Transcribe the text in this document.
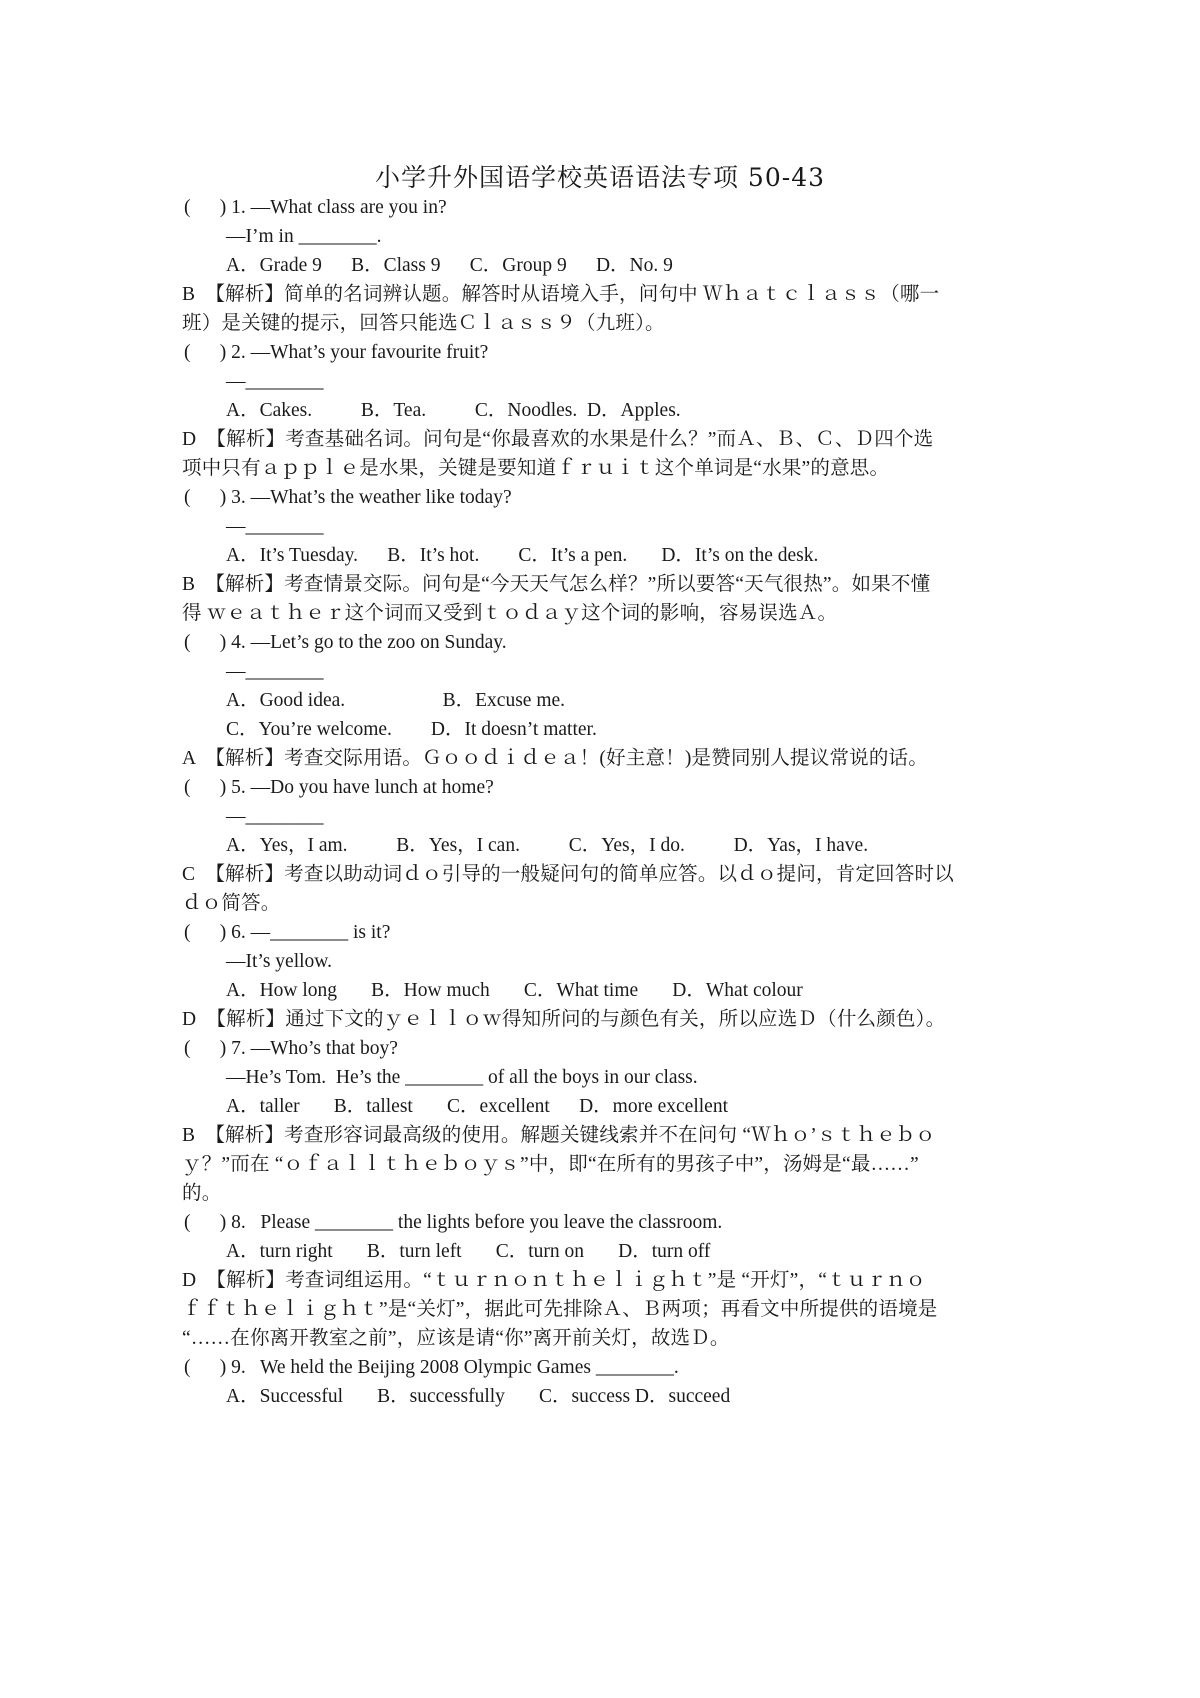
小学升外国语学校英语语法专项 50-43
(      ) 1. —What class are you in?
—I’m in ________.
A．Grade 9      B．Class 9      C．Group 9      D．No. 9
B  【解析】简单的名词辨认题。解答时从语境入手，问句中 Ｗｈａｔｃｌａｓｓ（哪一
班）是关键的提示，回答只能选Ｃｌａｓｓ９（九班）。
(      ) 2. —What’s your favourite fruit?
—________
A．Cakes.          B．Tea.          C．Noodles.  D．Apples.
D  【解析】考查基础名词。问句是“你最喜欢的水果是什么？”而Ａ、Ｂ、Ｃ、Ｄ四个选
项中只有ａｐｐｌｅ是水果，关键是要知道ｆｒｕｉｔ这个单词是“水果”的意思。
(      ) 3. —What’s the weather like today?
—________
A．It’s Tuesday.      B．It’s hot.        C．It’s a pen.       D．It’s on the desk.
B  【解析】考查情景交际。问句是“今天天气怎么样？”所以要答“天气很热”。如果不懂
得 ｗｅａｔｈｅｒ这个词而又受到ｔｏｄａｙ这个词的影响，容易误选Ａ。
(      ) 4. —Let’s go to the zoo on Sunday.
—________
A．Good idea.                    B．Excuse me.
C．You’re welcome.        D．It doesn’t matter.
A  【解析】考查交际用语。Ｇｏｏｄｉｄｅａ！(好主意！)是赞同别人提议常说的话。
(      ) 5. —Do you have lunch at home?
—________
A．Yes，I am.          B．Yes，I can.          C．Yes，I do.          D．Yas，I have.
C  【解析】考查以助动词ｄｏ引导的一般疑问句的简单应答。以ｄｏ提问，肯定回答时以
ｄｏ简答。
(      ) 6. —________ is it?
—It’s yellow.
A．How long       B．How much       C．What time       D．What colour
D  【解析】通过下文的ｙｅｌｌｏｗ得知所问的与颜色有关，所以应选Ｄ（什么颜色）。
(      ) 7. —Who’s that boy?
—He’s Tom.  He’s the ________ of all the boys in our class.
A．taller       B．tallest       C．excellent      D．more excellent
B  【解析】考查形容词最高级的使用。解题关键线索并不在问句 “Ｗｈｏ’ｓｔｈｅｂｏ
ｙ？”而在 “ｏｆａｌｌｔｈｅｂｏｙｓ”中，即“在所有的男孩子中”，汤姆是“最……”
的。
(      ) 8.   Please ________ the lights before you leave the classroom.
A．turn right       B．turn left       C．turn on       D．turn off
D  【解析】考查词组运用。“ｔｕｒｎｏｎｔｈｅｌｉｇｈｔ”是 “开灯”，“ｔｕｒｎｏ
ｆｆｔｈｅｌｉｇｈｔ”是“关灯”，据此可先排除Ａ、Ｂ两项；再看文中所提供的语境是
“……在你离开教室之前”，应该是请“你”离开前关灯，故选Ｄ。
(      ) 9.   We held the Beijing 2008 Olympic Games ________.
A．Successful       B．successfully       C．success D．succeed
